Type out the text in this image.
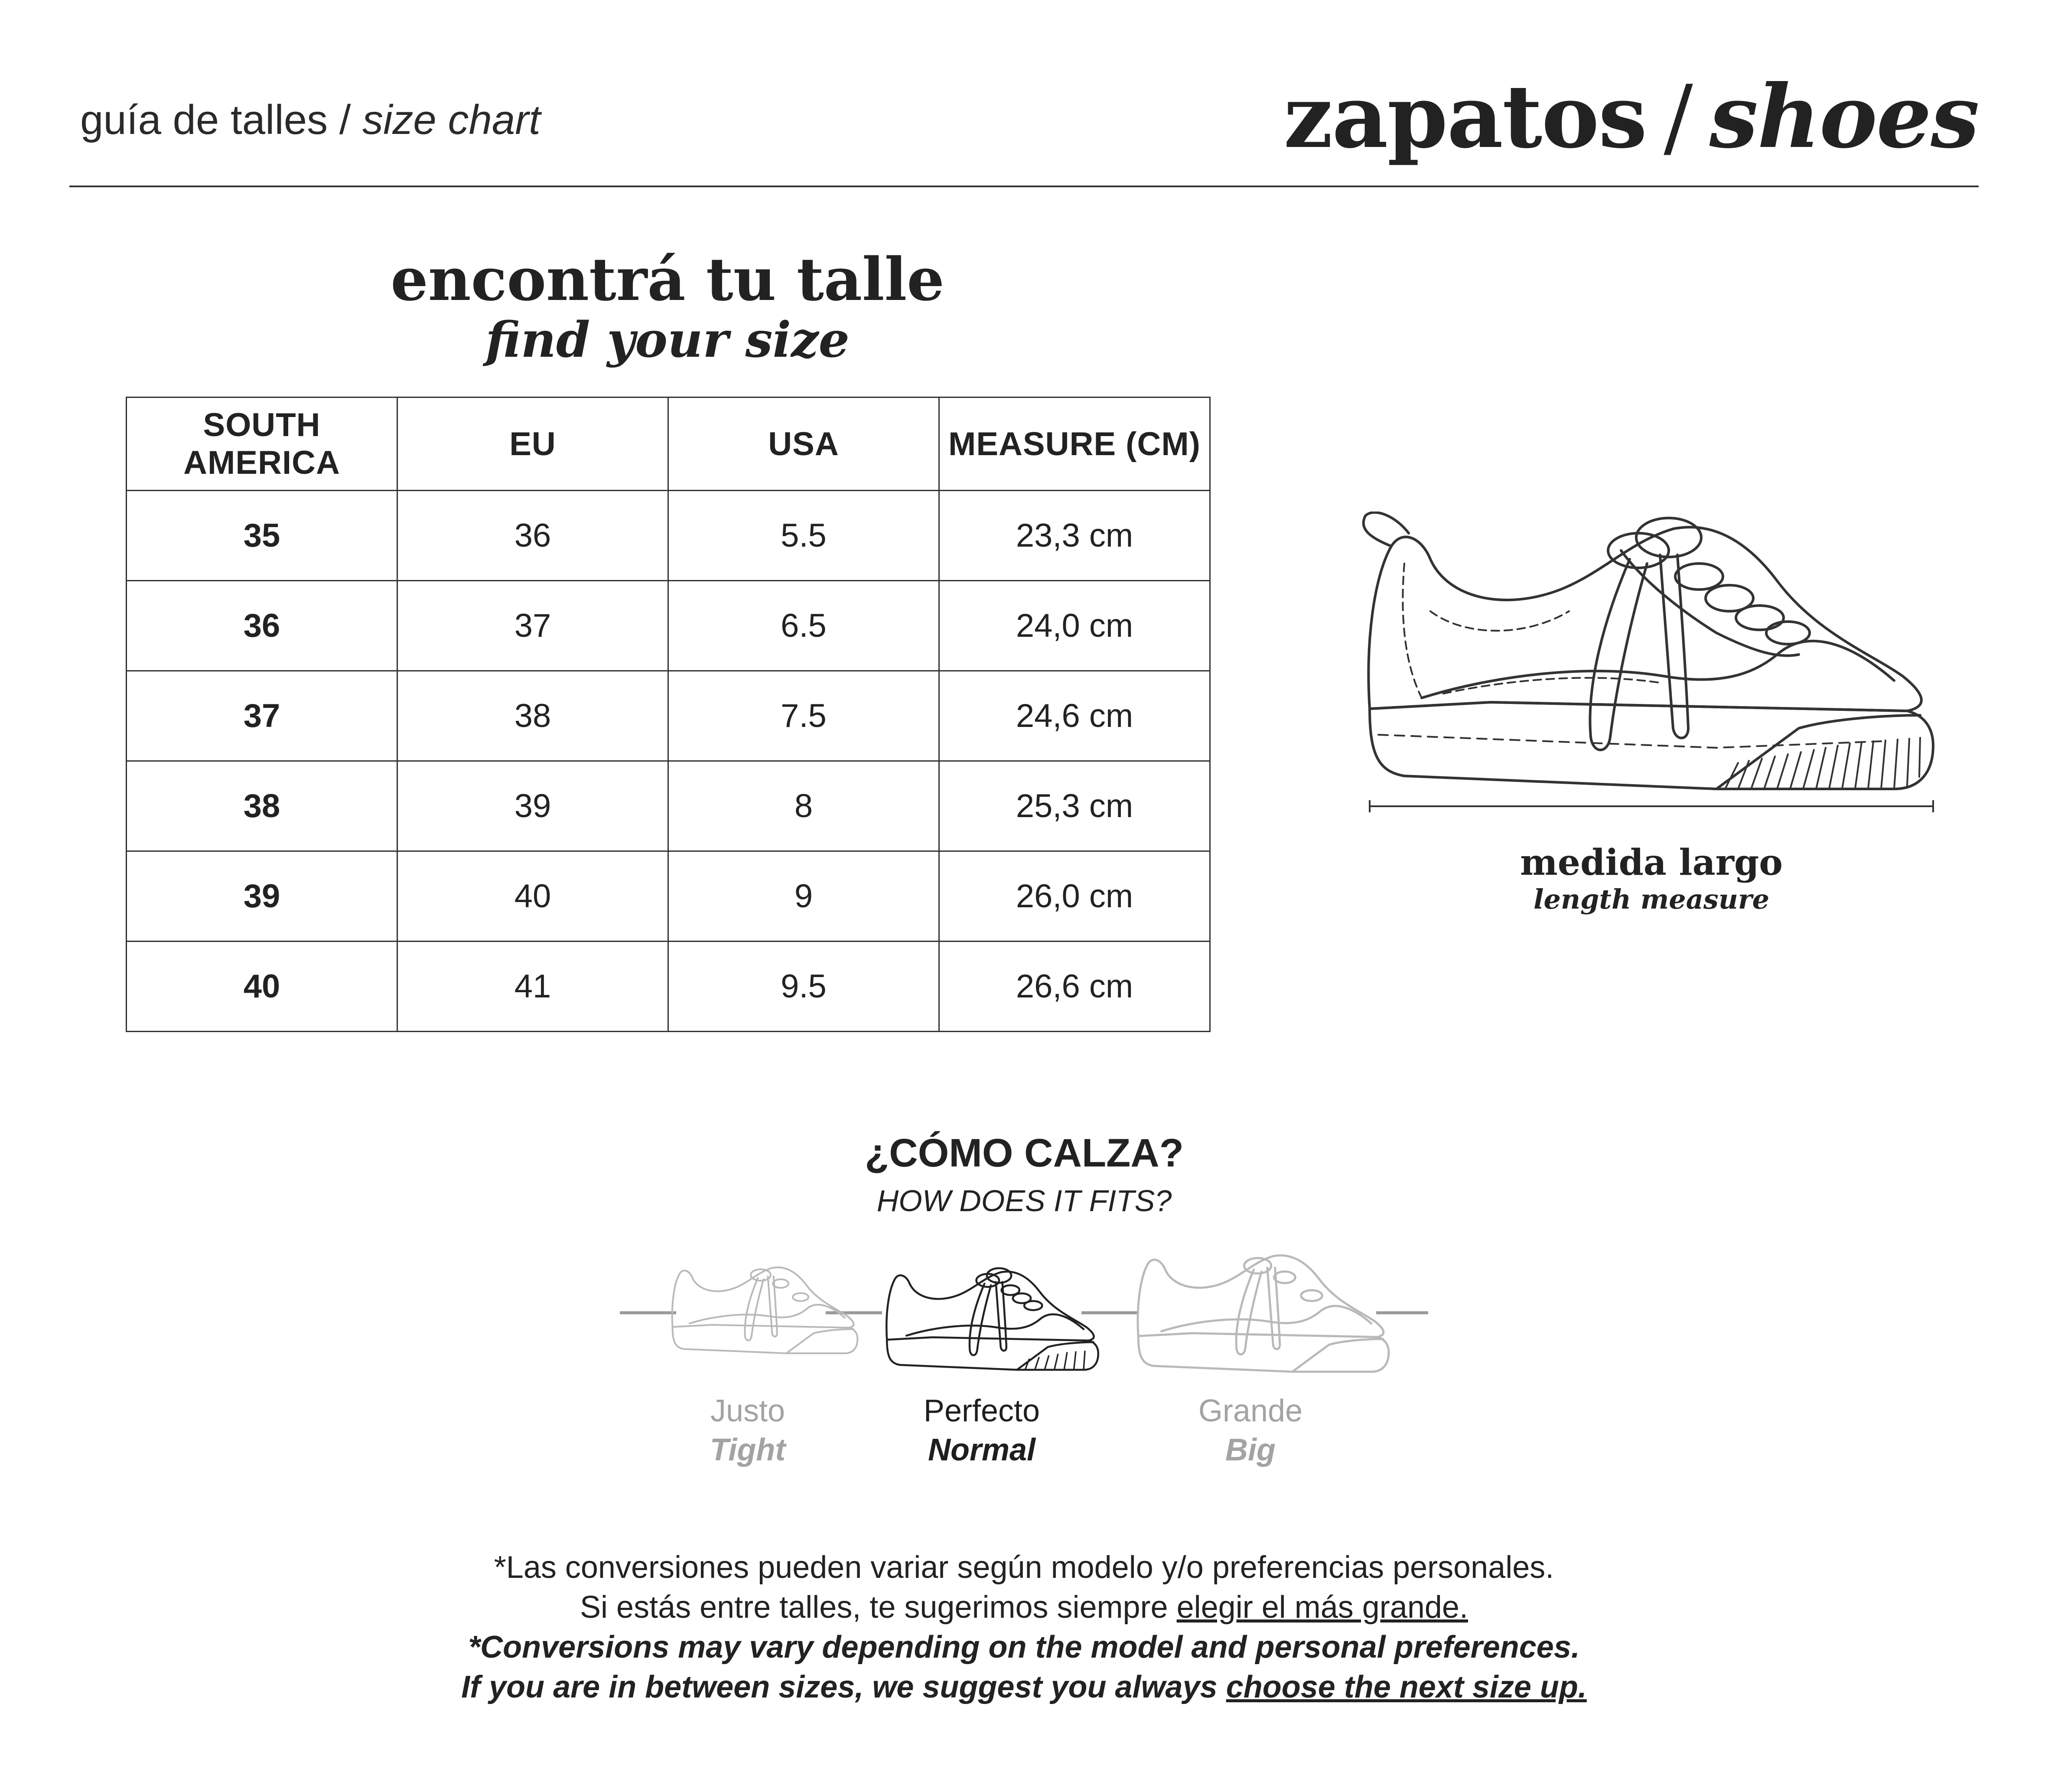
guía de talles / size chart	zapatos / shoes
encontrá tu talle
find your size
SOUTH AMERICA	EU	USA	MEASURE (CM)
35	36	5.5	23,3 cm
36	37	6.5	24,0 cm
37	38	7.5	24,6 cm
38	39	8	25,3 cm
39	40	9	26,0 cm
40	41	9.5	26,6 cm
medida largo
length measure
¿CÓMO CALZA?
HOW DOES IT FITS?
Justo
Tight
Perfecto
Normal
Grande
Big
*Las conversiones pueden variar según modelo y/o preferencias personales.
Si estás entre talles, te sugerimos siempre elegir el más grande.
*Conversions may vary depending on the model and personal preferences.
If you are in between sizes, we suggest you always choose the next size up.
